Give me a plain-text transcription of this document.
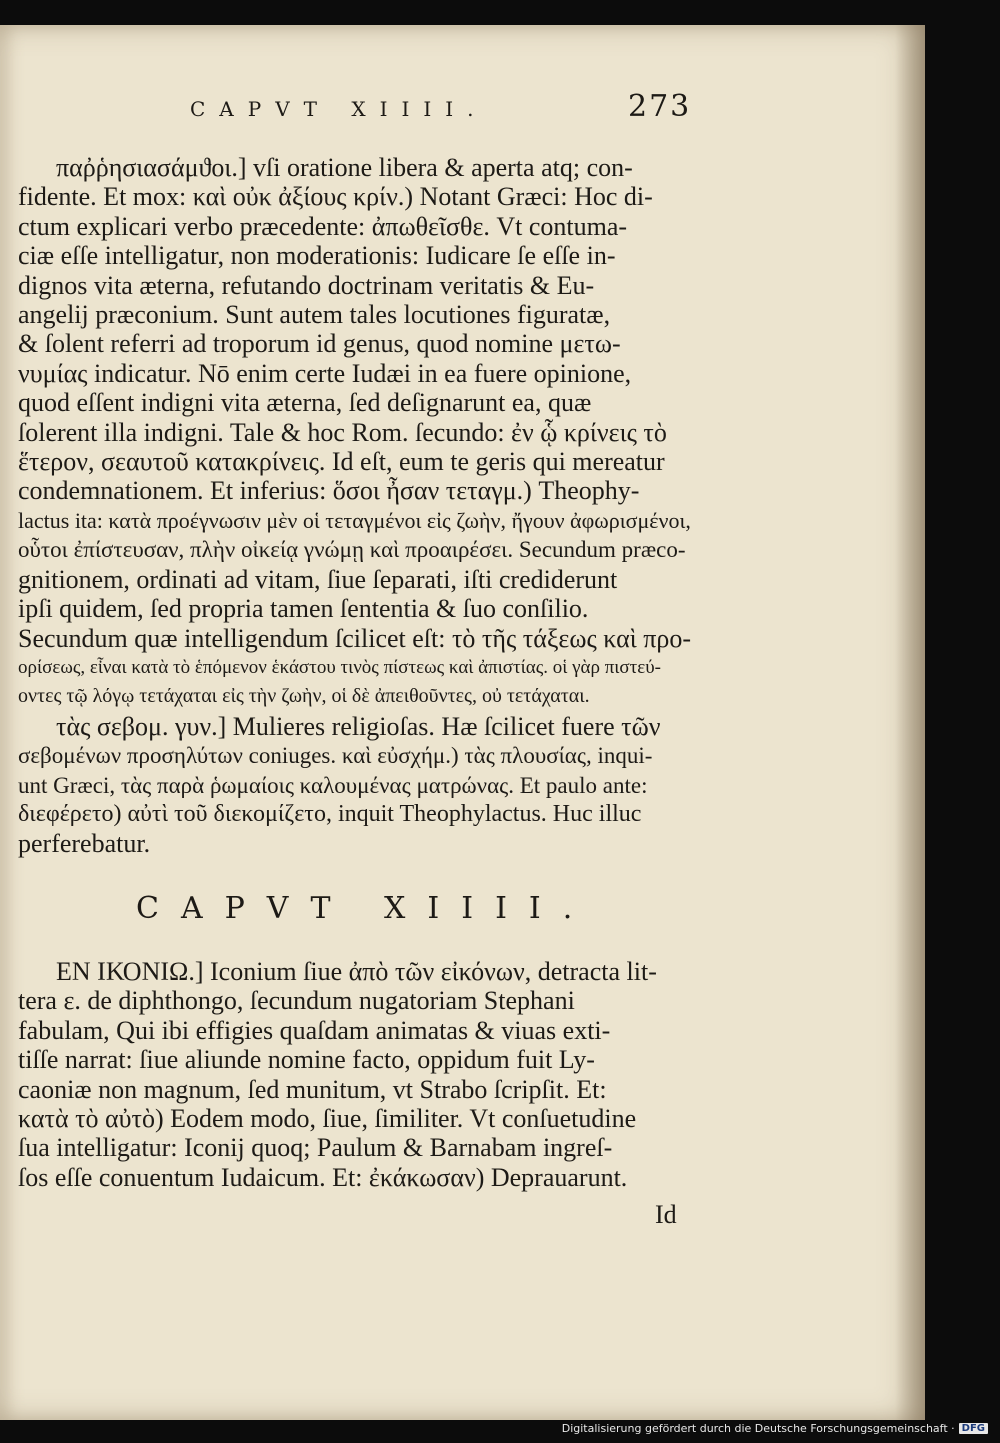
CAPVT XIIII.	273
παῤῥησιασάμϑοι.] vſi oratione libera & aperta atq; con-
fidente. Et mox: καὶ οὐκ ἀξίους κρίν.) Notant Græci: Hoc di-
ctum explicari verbo præcedente: ἀπωθεῖσθε. Vt contuma-
ciæ eſſe intelligatur, non moderationis: Iudicare ſe eſſe in-
dignos vita æterna, refutando doctrinam veritatis & Eu-
angelij præconium. Sunt autem tales locutiones figuratæ,
& ſolent referri ad troporum id genus, quod nomine μετω-
νυμίας indicatur. Nō enim certe Iudæi in ea fuere opinione,
quod eſſent indigni vita æterna, ſed deſignarunt ea, quæ
ſolerent illa indigni. Tale & hoc Rom. ſecundo: ἐν ᾧ κρίνεις τὸ
ἕτερον, σεαυτοῦ κατακρίνεις. Id eſt, eum te geris qui mereatur
condemnationem. Et inferius: ὅσοι ἦσαν τεταγμ.) Theophy-
lactus ita: κατὰ προέγνωσιν μὲν οἱ τεταγμένοι εἰς ζωὴν, ἤγουν ἀφωρισμένοι,
οὗτοι ἐπίστευσαν, πλὴν οἰκείᾳ γνώμῃ καὶ προαιρέσει. Secundum præco-
gnitionem, ordinati ad vitam, ſiue ſeparati, iſti crediderunt
ipſi quidem, ſed propria tamen ſententia & ſuo conſilio.
Secundum quæ intelligendum ſcilicet eſt: τὸ τῆς τάξεως καὶ προ-
ορίσεως, εἶναι κατὰ τὸ ἑπόμενον ἑκάστου τινὸς πίστεως καὶ ἀπιστίας. οἱ γὰρ πιστεύ-
οντες τῷ λόγῳ τετάχαται εἰς τὴν ζωὴν, οἱ δὲ ἀπειθοῦντες, οὐ τετάχαται.
τὰς σεβομ. γυν.] Mulieres religioſas. Hæ ſcilicet fuere τῶν
σεβομένων προσηλύτων coniuges. καὶ εὐσχήμ.) τὰς πλουσίας, inqui-
unt Græci, τὰς παρὰ ῥωμαίοις καλουμένας ματρώνας. Et paulo ante:
διεφέρετο) αὐτὶ τοῦ διεκομίζετο, inquit Theophylactus. Huc illuc
perferebatur.
CAPVT XIIII.
ΕΝ ΙΚΟΝΙΩ.] Iconium ſiue ἀπὸ τῶν εἰκόνων, detracta lit-
tera ε. de diphthongo, ſecundum nugatoriam Stephani
fabulam, Qui ibi effigies quaſdam animatas & viuas exti-
tiſſe narrat: ſiue aliunde nomine facto, oppidum fuit Ly-
caoniæ non magnum, ſed munitum, vt Strabo ſcripſit. Et:
κατὰ τὸ αὐτὸ) Eodem modo, ſiue, ſimiliter. Vt conſuetudine
ſua intelligatur: Iconij quoq; Paulum & Barnabam ingreſ-
ſos eſſe conuentum Iudaicum. Et: ἐκάκωσαν) Deprauarunt.
Id
Digitalisierung gefördert durch die Deutsche Forschungsgemeinschaft · DFG
